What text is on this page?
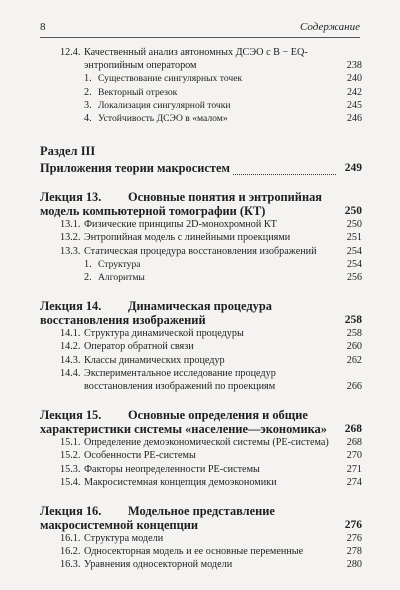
8	Содержание
12.4. Качественный анализ автономных ДСЭО с B − EQ-энтропийным оператором	238
1. Существование сингулярных точек	240
2. Векторный отрезок	242
3. Локализация сингулярной точки	245
4. Устойчивость ДСЭО в «малом»	246
Раздел III
Приложения теории макросистем	249
Лекция 13. Основные понятия и энтропийная модель компьютерной томографии (КТ)	250
13.1. Физические принципы 2D-монохромной КТ	250
13.2. Энтропийная модель с линейными проекциями	251
13.3. Статическая процедура восстановления изображений	254
1. Структура	254
2. Алгоритмы	256
Лекция 14. Динамическая процедура восстановления изображений	258
14.1. Структура динамической процедуры	258
14.2. Оператор обратной связи	260
14.3. Классы динамических процедур	262
14.4. Экспериментальное исследование процедур восстановления изображений по проекциям	266
Лекция 15. Основные определения и общие характеристики системы «население—экономика»	268
15.1. Определение демоэкономической системы (PE-система)	268
15.2. Особенности PE-системы	270
15.3. Факторы неопределенности PE-системы	271
15.4. Макросистемная концепция демоэкономики	274
Лекция 16. Модельное представление макросистемной концепции	276
16.1. Структура модели	276
16.2. Односекторная модель и ее основные переменные	278
16.3. Уравнения односекторной модели	280
